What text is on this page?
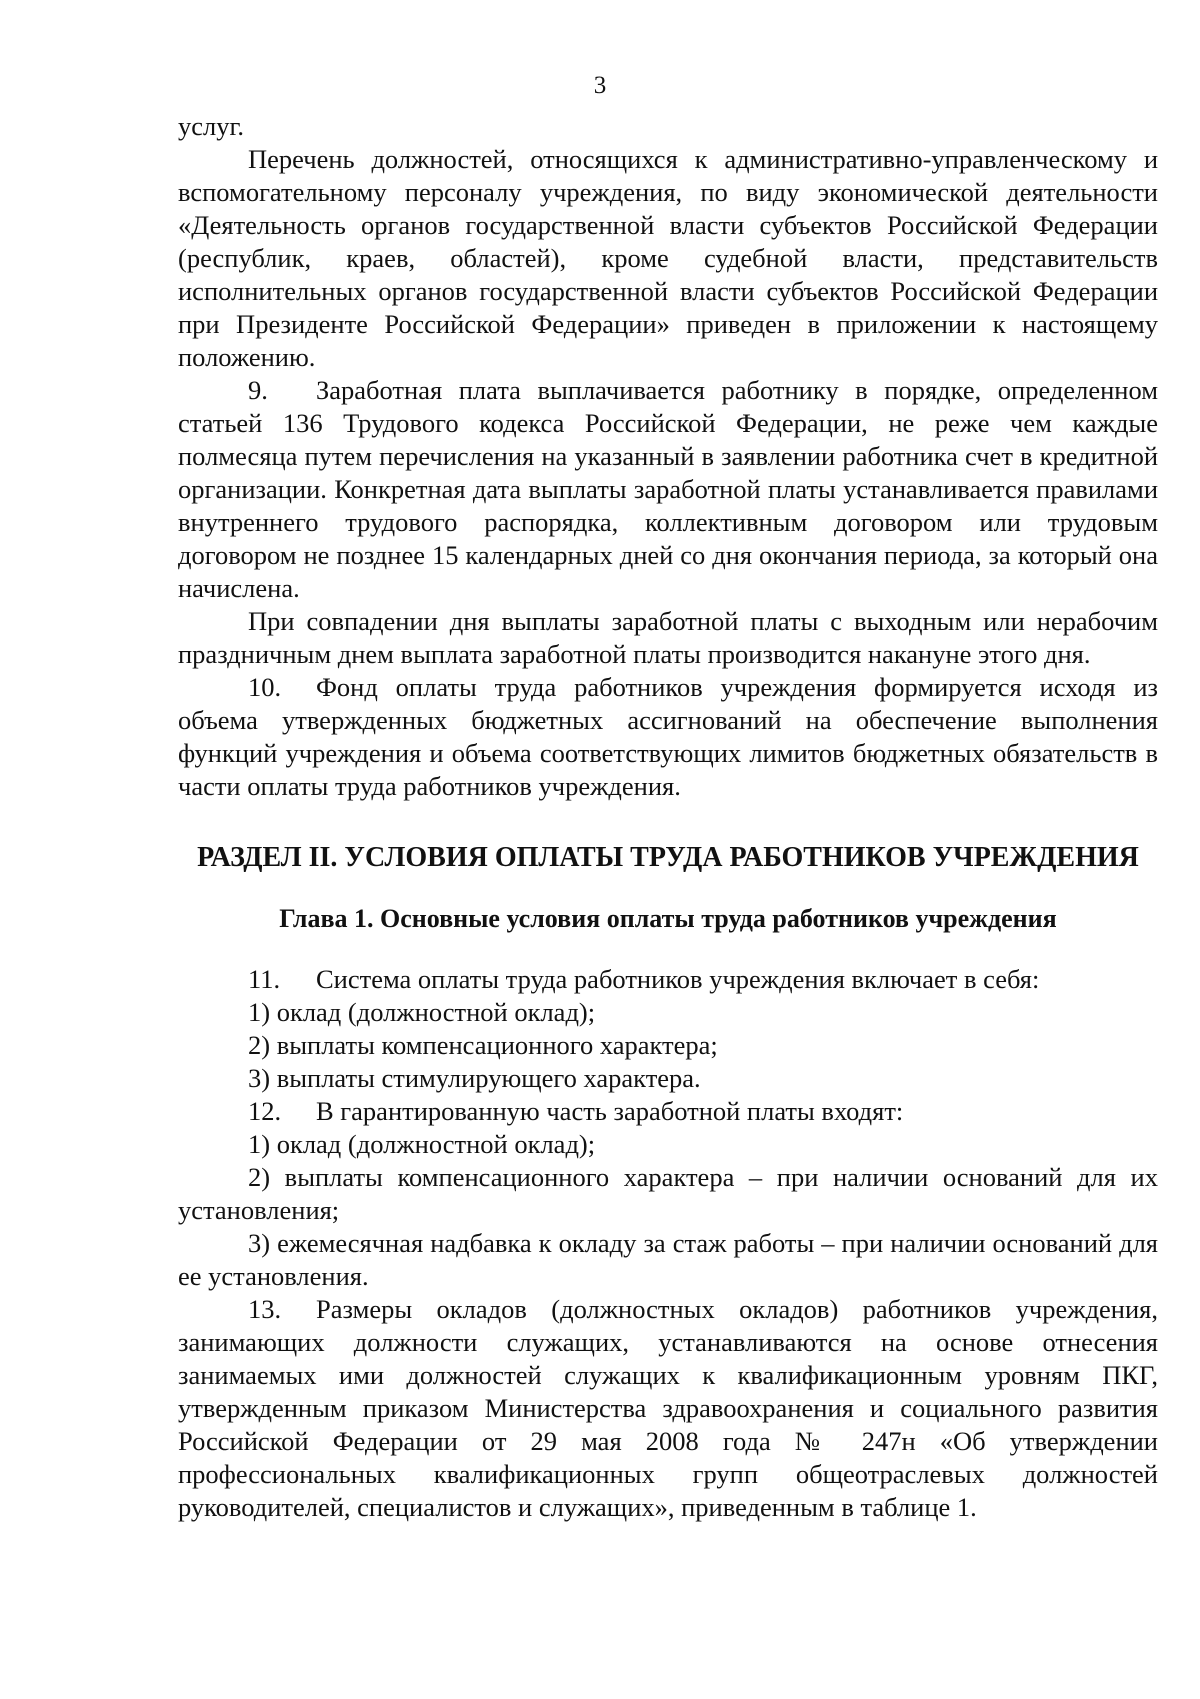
3

услуг.

Перечень должностей, относящихся к административно-управленческому и вспомогательному персоналу учреждения, по виду экономической деятельности «Деятельность органов государственной власти субъектов Российской Федерации (республик, краев, областей), кроме судебной власти, представительств исполнительных органов государственной власти субъектов Российской Федерации при Президенте Российской Федерации» приведен в приложении к настоящему положению.

9. Заработная плата выплачивается работнику в порядке, определенном статьей 136 Трудового кодекса Российской Федерации, не реже чем каждые полмесяца путем перечисления на указанный в заявлении работника счет в кредитной организации. Конкретная дата выплаты заработной платы устанавливается правилами внутреннего трудового распорядка, коллективным договором или трудовым договором не позднее 15 календарных дней со дня окончания периода, за который она начислена.

При совпадении дня выплаты заработной платы с выходным или нерабочим праздничным днем выплата заработной платы производится накануне этого дня.

10. Фонд оплаты труда работников учреждения формируется исходя из объема утвержденных бюджетных ассигнований на обеспечение выполнения функций учреждения и объема соответствующих лимитов бюджетных обязательств в части оплаты труда работников учреждения.

РАЗДЕЛ II. УСЛОВИЯ ОПЛАТЫ ТРУДА РАБОТНИКОВ УЧРЕЖДЕНИЯ

Глава 1. Основные условия оплаты труда работников учреждения

11. Система оплаты труда работников учреждения включает в себя:

1) оклад (должностной оклад);

2) выплаты компенсационного характера;

3) выплаты стимулирующего характера.

12. В гарантированную часть заработной платы входят:

1) оклад (должностной оклад);

2) выплаты компенсационного характера – при наличии оснований для их установления;

3) ежемесячная надбавка к окладу за стаж работы – при наличии оснований для ее установления.

13. Размеры окладов (должностных окладов) работников учреждения, занимающих должности служащих, устанавливаются на основе отнесения занимаемых ими должностей служащих к квалификационным уровням ПКГ, утвержденным приказом Министерства здравоохранения и социального развития Российской Федерации от 29 мая 2008 года № 247н «Об утверждении профессиональных квалификационных групп общеотраслевых должностей руководителей, специалистов и служащих», приведенным в таблице 1.
